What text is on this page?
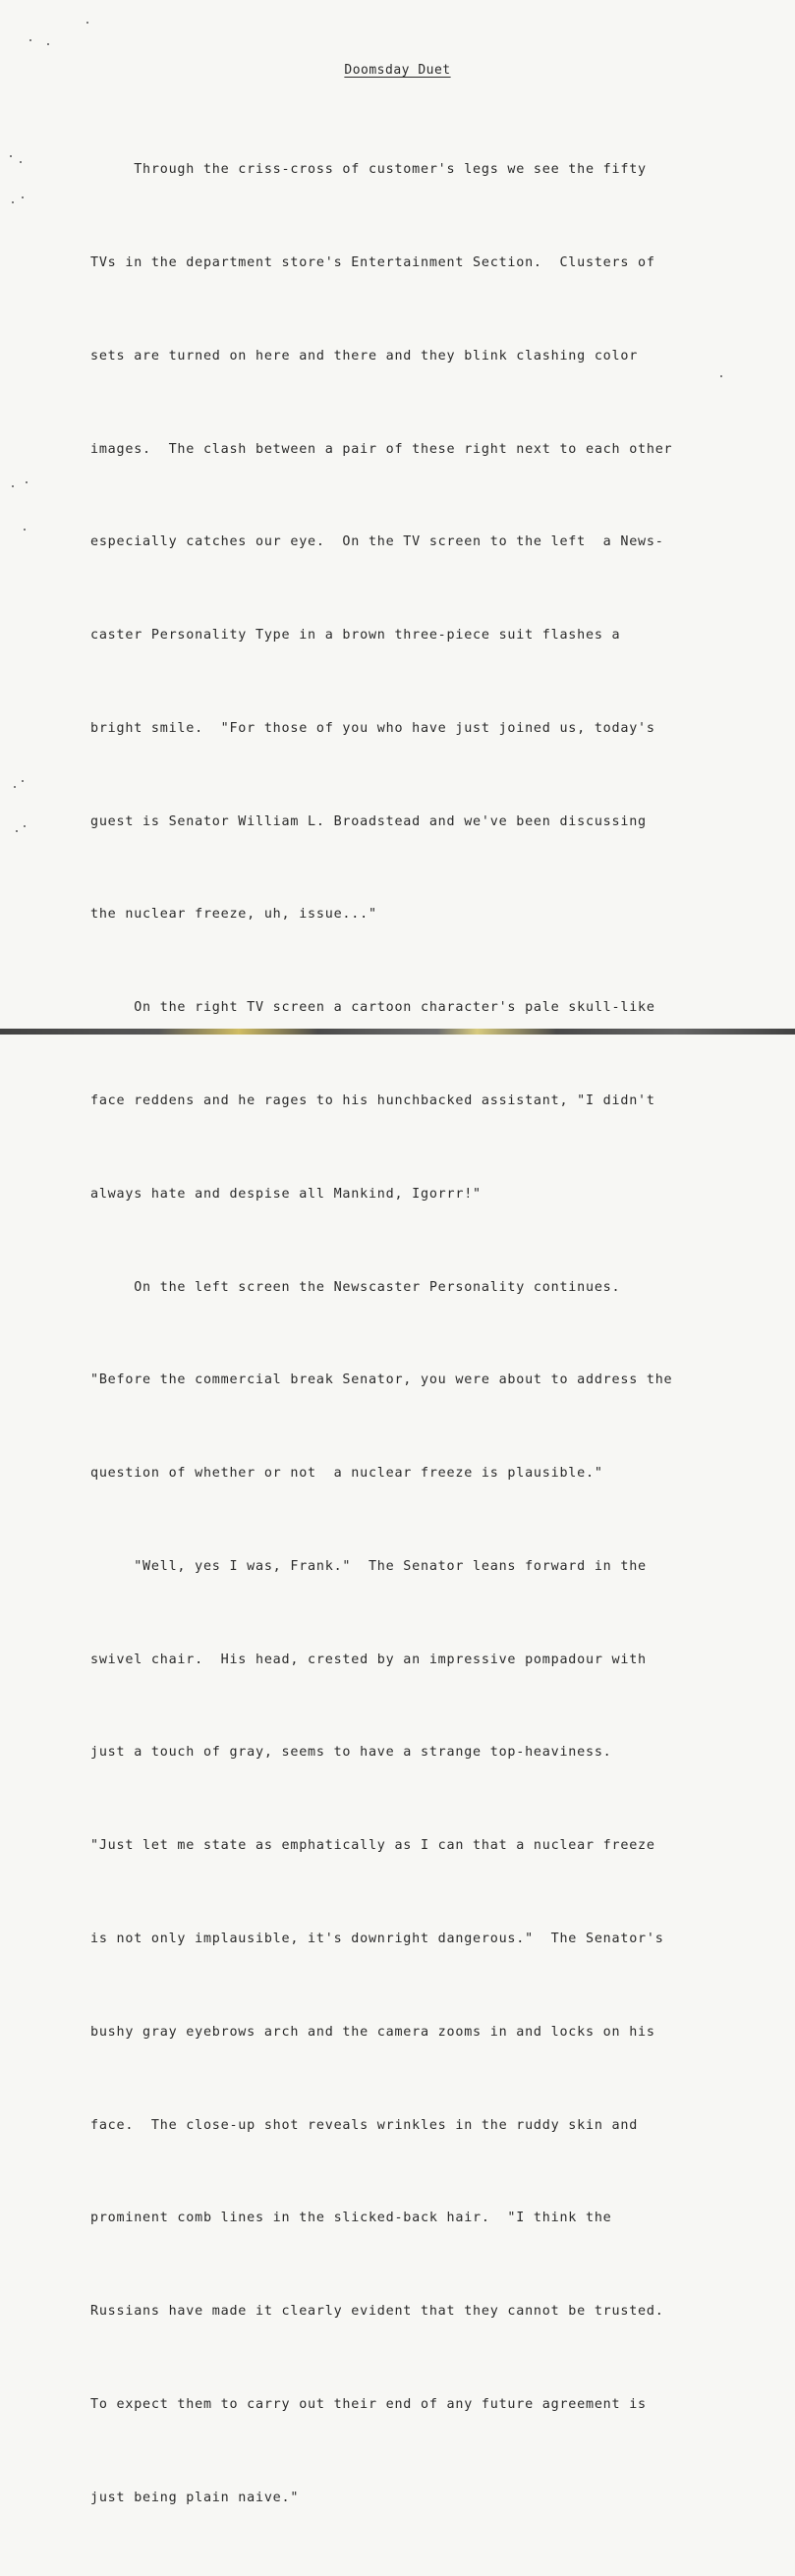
Doomsday Duet

Through the criss-cross of customer's legs we see the fifty

TVs in the department store's Entertainment Section.  Clusters of

sets are turned on here and there and they blink clashing color

images.  The clash between a pair of these right next to each other

especially catches our eye.  On the TV screen to the left  a News-

caster Personality Type in a brown three-piece suit flashes a

bright smile.  "For those of you who have just joined us, today's

guest is Senator William L. Broadstead and we've been discussing

the nuclear freeze, uh, issue..."

On the right TV screen a cartoon character's pale skull-like

face reddens and he rages to his hunchbacked assistant, "I didn't

always hate and despise all Mankind, Igorrr!"

On the left screen the Newscaster Personality continues.

"Before the commercial break Senator, you were about to address the

question of whether or not  a nuclear freeze is plausible."

"Well, yes I was, Frank."  The Senator leans forward in the

swivel chair.  His head, crested by an impressive pompadour with

just a touch of gray, seems to have a strange top-heaviness.

"Just let me state as emphatically as I can that a nuclear freeze

is not only implausible, it's downright dangerous."  The Senator's

bushy gray eyebrows arch and the camera zooms in and locks on his

face.  The close-up shot reveals wrinkles in the ruddy skin and

prominent comb lines in the slicked-back hair.  "I think the

Russians have made it clearly evident that they cannot be trusted.

To expect them to carry out their end of any future agreement is

just being plain naive."
